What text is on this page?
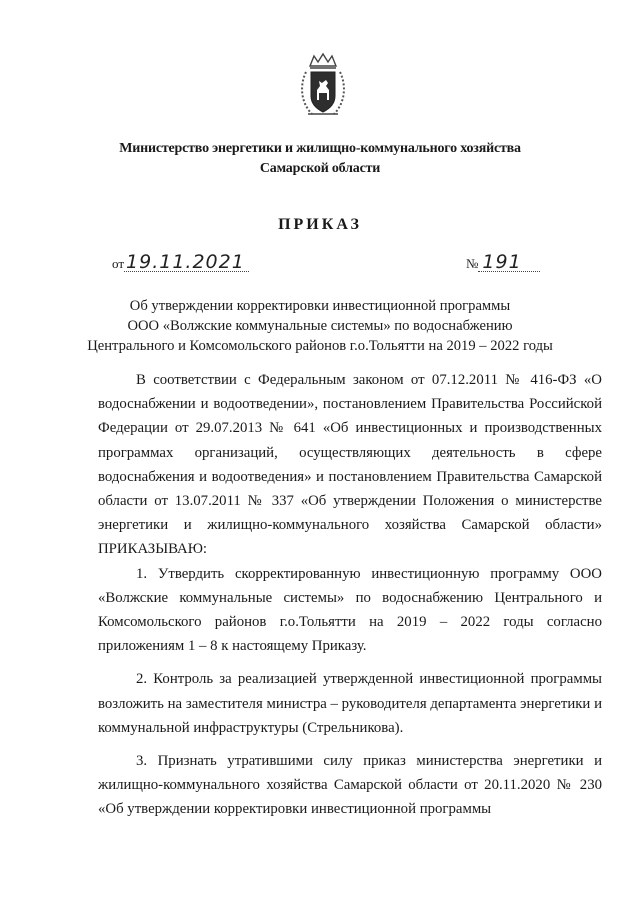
Министерство энергетики и жилищно-коммунального хозяйства
Самарской области
ПРИКАЗ
от 19.11.2021	№ 191
Об утверждении корректировки инвестиционной программы
ООО «Волжские коммунальные системы» по водоснабжению
Центрального и Комсомольского районов г.о.Тольятти на 2019 – 2022 годы

В соответствии с Федеральным законом от 07.12.2011 № 416-ФЗ «О водоснабжении и водоотведении», постановлением Правительства Российской Федерации от 29.07.2013 № 641 «Об инвестиционных и производственных программах организаций, осуществляющих деятельность в сфере водоснабжения и водоотведения» и постановлением Правительства Самарской области от 13.07.2011 № 337 «Об утверждении Положения о министерстве энергетики и жилищно-коммунального хозяйства Самарской области» ПРИКАЗЫВАЮ:

1. Утвердить скорректированную инвестиционную программу ООО «Волжские коммунальные системы» по водоснабжению Центрального и Комсомольского районов г.о.Тольятти на 2019 – 2022 годы согласно приложениям 1 – 8 к настоящему Приказу.

2. Контроль за реализацией утвержденной инвестиционной программы возложить на заместителя министра – руководителя департамента энергетики и коммунальной инфраструктуры (Стрельникова).

3. Признать утратившими силу приказ министерства энергетики и жилищно-коммунального хозяйства Самарской области от 20.11.2020 № 230 «Об утверждении корректировки инвестиционной программы
